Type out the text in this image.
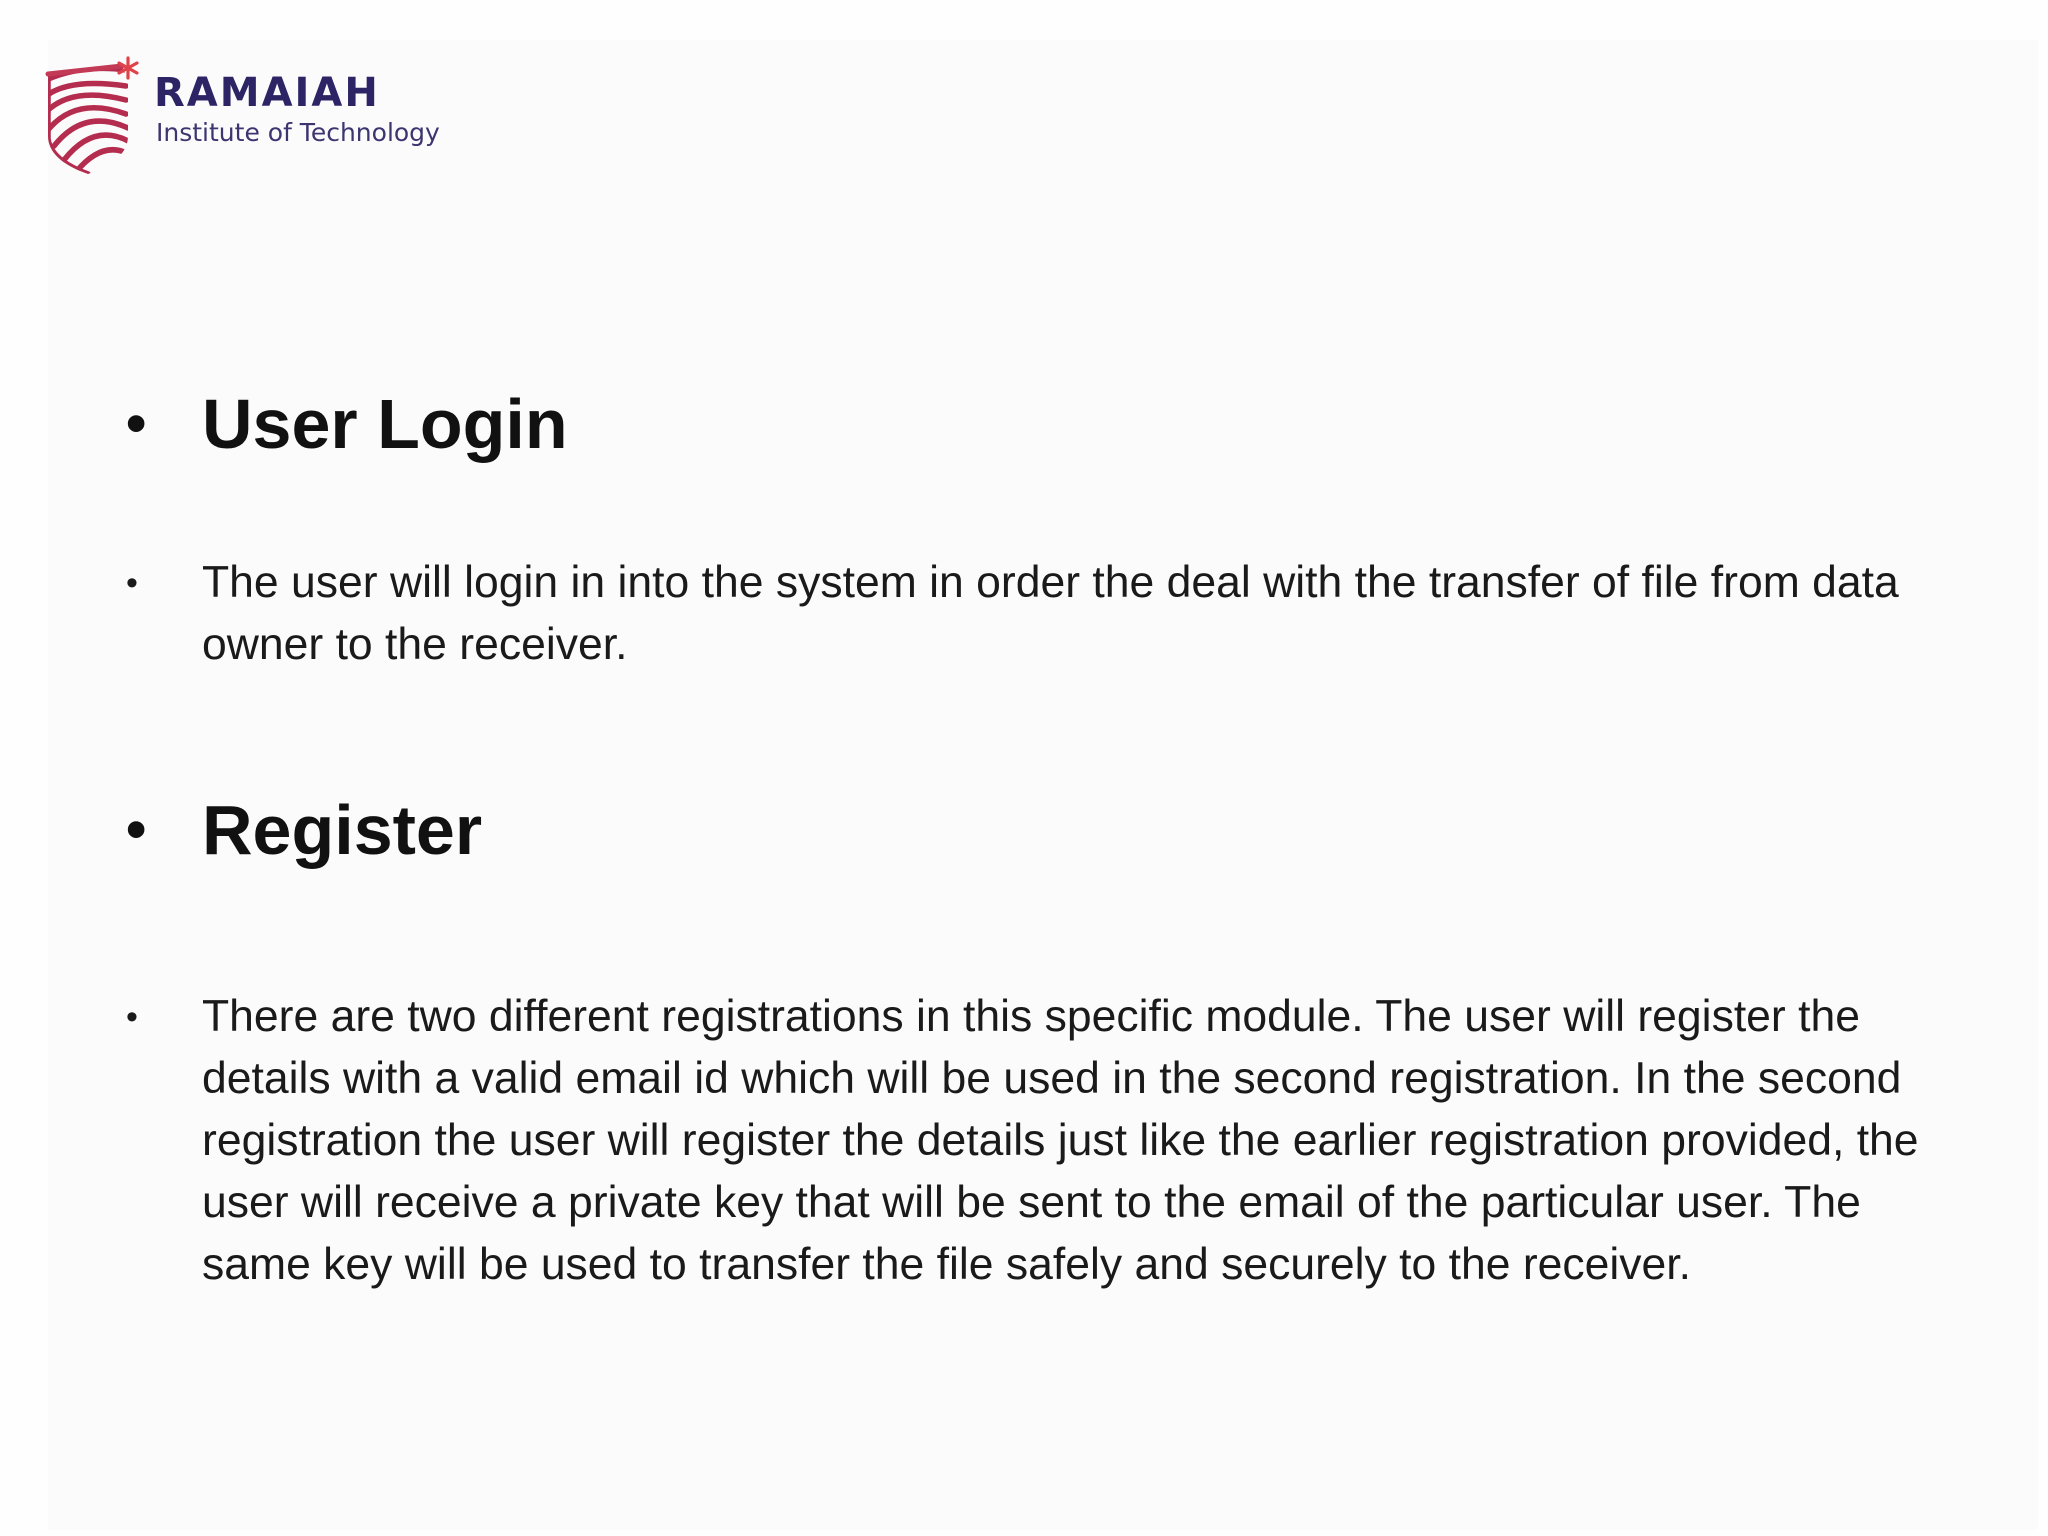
RAMAIAH
Institute of Technology
• User Login
• The user will login in into the system in order the deal with the transfer of file from data owner to the receiver.
• Register
• There are two different registrations in this specific module. The user will register the details with a valid email id which will be used in the second registration. In the second registration the user will register the details just like the earlier registration provided, the user will receive a private key that will be sent to the email of the particular user. The same key will be used to transfer the file safely and securely to the receiver.
